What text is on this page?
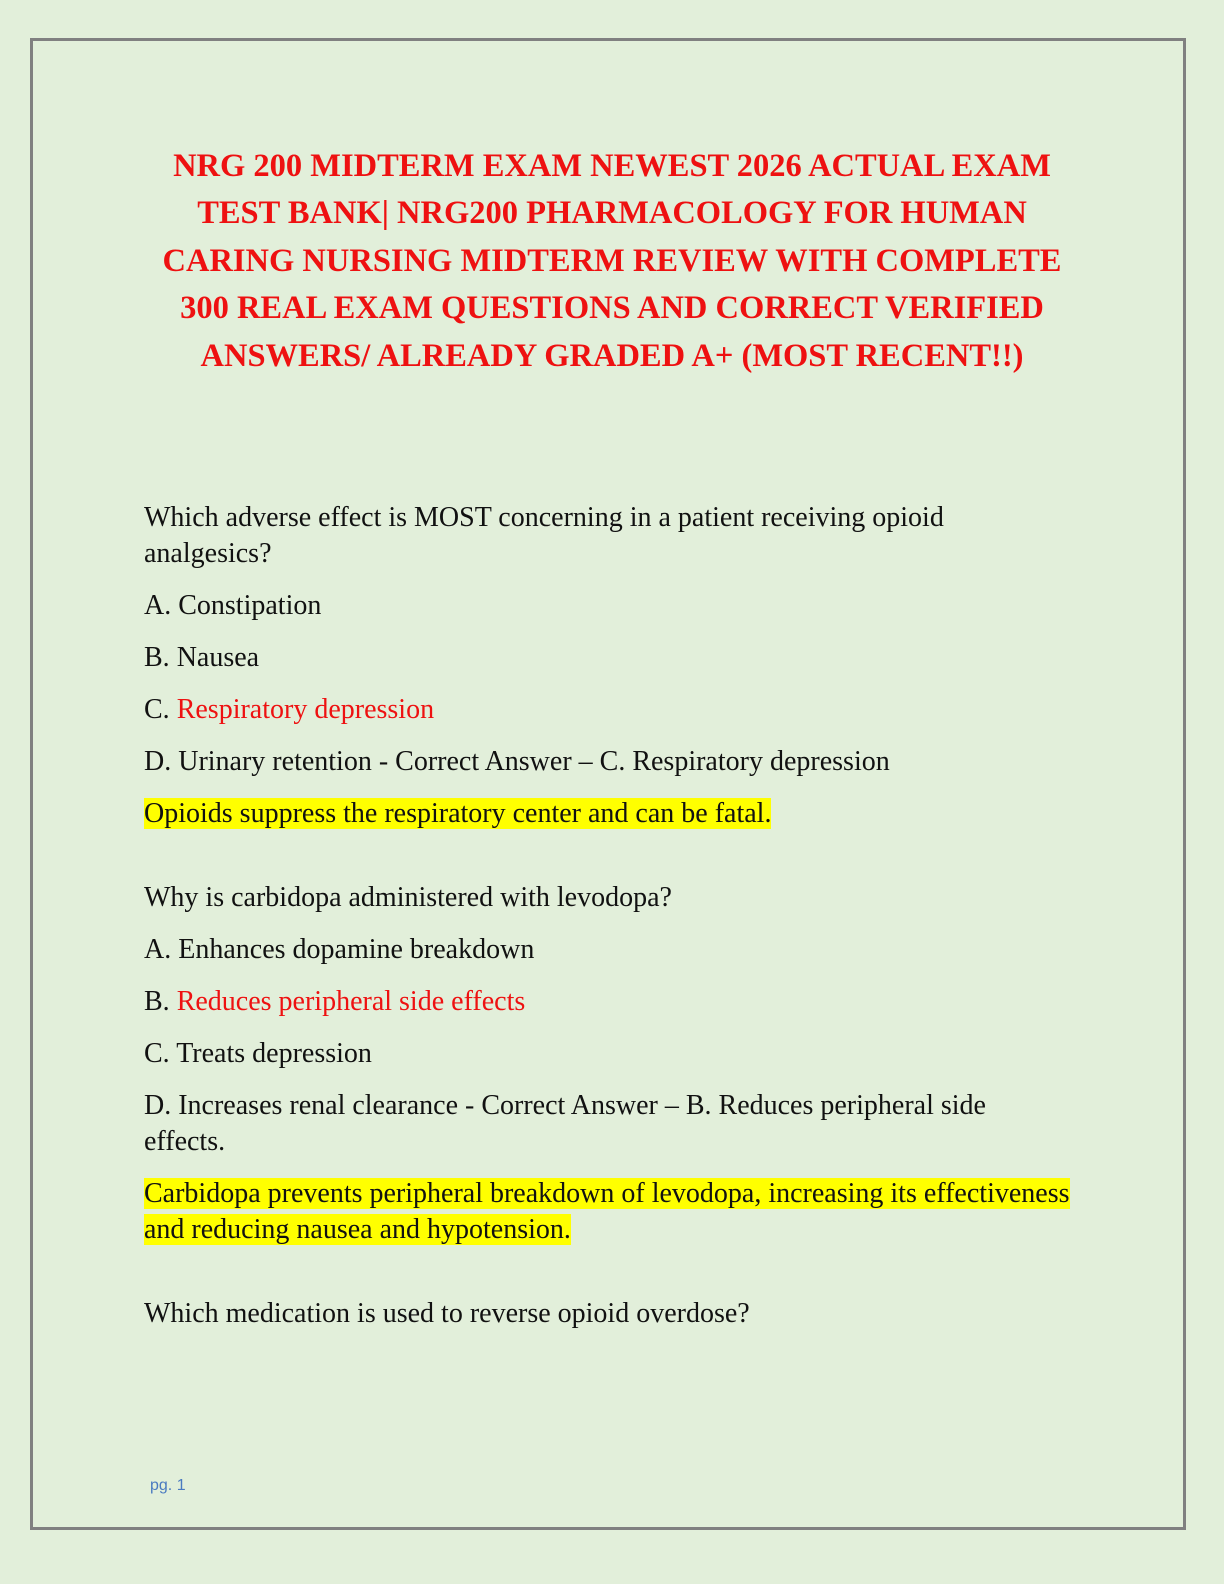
NRG 200 MIDTERM EXAM NEWEST 2026 ACTUAL EXAM TEST BANK| NRG200 PHARMACOLOGY FOR HUMAN CARING NURSING MIDTERM REVIEW WITH COMPLETE 300 REAL EXAM QUESTIONS AND CORRECT VERIFIED ANSWERS/ ALREADY GRADED A+ (MOST RECENT!!)

Which adverse effect is MOST concerning in a patient receiving opioid analgesics?

A. Constipation

B. Nausea

C. Respiratory depression

D. Urinary retention - Correct Answer – C. Respiratory depression

Opioids suppress the respiratory center and can be fatal.

Why is carbidopa administered with levodopa?

A. Enhances dopamine breakdown

B. Reduces peripheral side effects

C. Treats depression

D. Increases renal clearance - Correct Answer – B. Reduces peripheral side effects.

Carbidopa prevents peripheral breakdown of levodopa, increasing its effectiveness and reducing nausea and hypotension.

Which medication is used to reverse opioid overdose?

pg. 1
